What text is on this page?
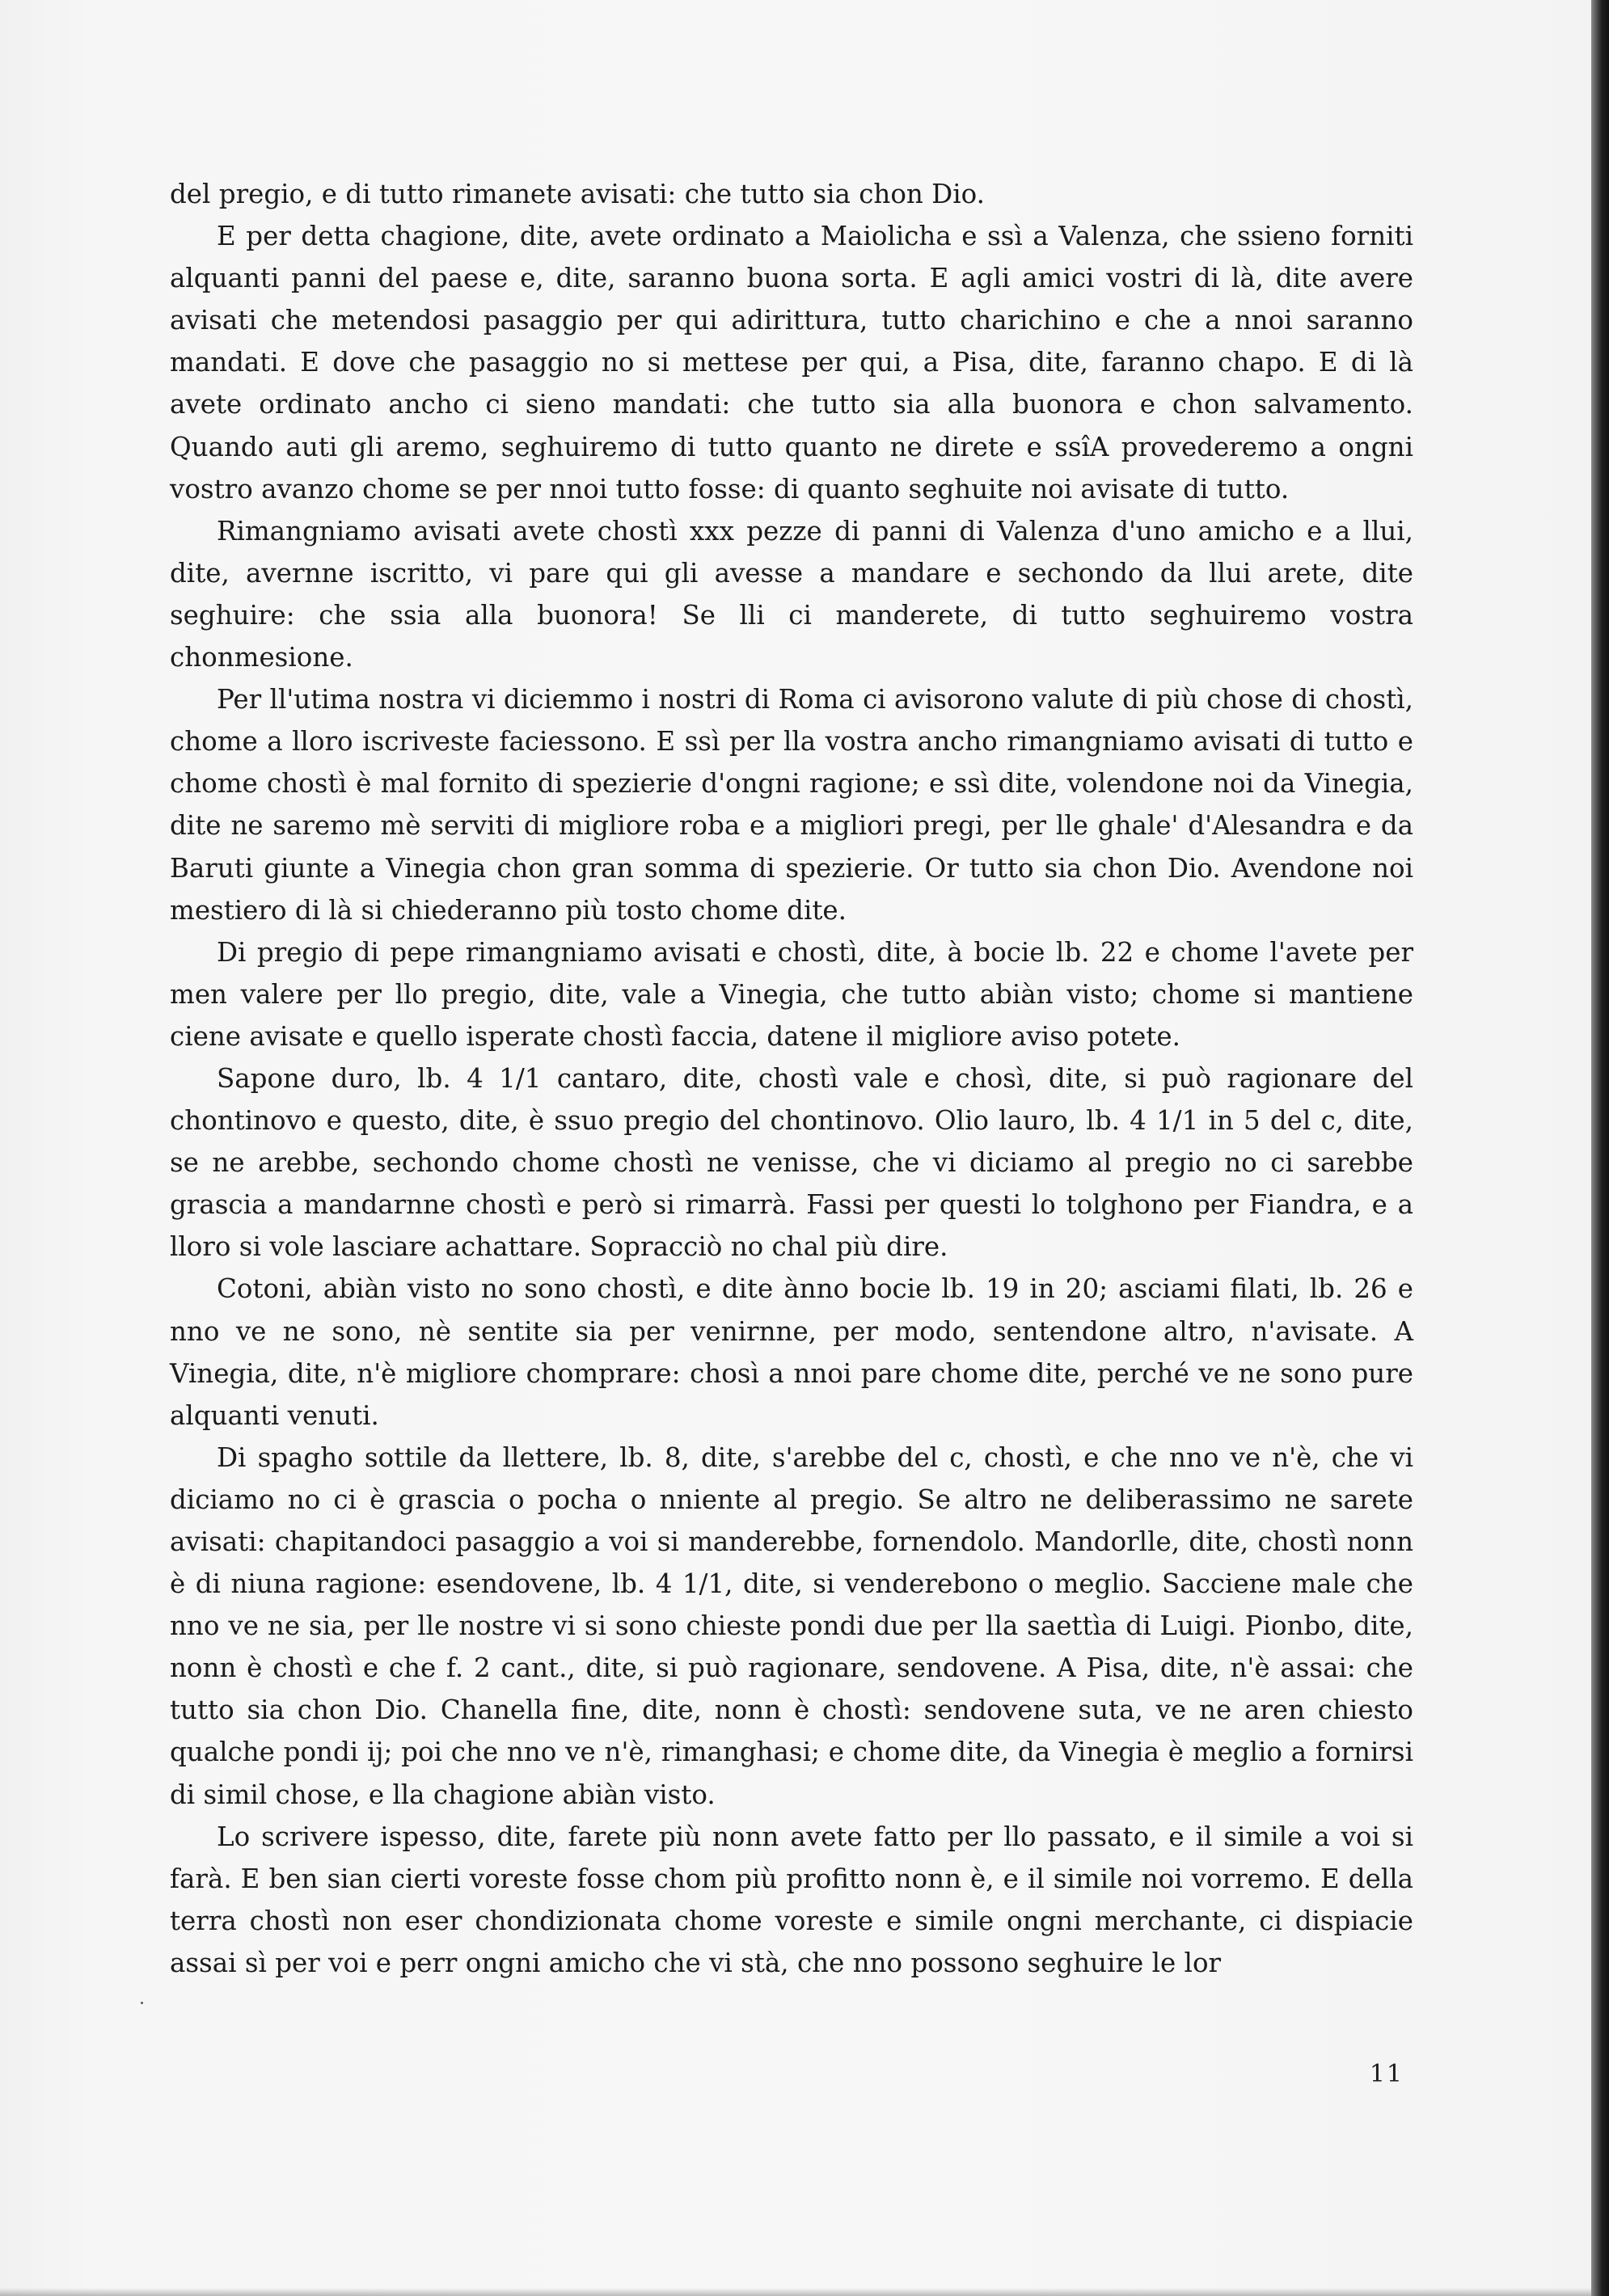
del pregio, e di tutto rimanete avisati: che tutto sia chon Dio.

E per detta chagione, dite, avete ordinato a Maiolicha e ssì a Valenza, che ssieno forniti alquanti panni del paese e, dite, saranno buona sorta. E agli amici vostri di là, dite avere avisati che metendosi pasaggio per qui adirittura, tutto charichino e che a nnoi saranno mandati. E dove che pasaggio no si mettese per qui, a Pisa, dite, faranno chapo. E di là avete ordinato ancho ci sieno mandati: che tutto sia alla buonora e chon salvamento. Quando auti gli aremo, seghuiremo di tutto quanto ne direte e ssîA provederemo a ongni vostro avanzo chome se per nnoi tutto fosse: di quanto seghuite noi avisate di tutto.

Rimangniamo avisati avete chostì xxx pezze di panni di Valenza d'uno amicho e a llui, dite, avernne iscritto, vi pare qui gli avesse a mandare e sechondo da llui arete, dite seghuire: che ssia alla buonora! Se lli ci manderete, di tutto seghuiremo vostra chonmesione.

Per ll'utima nostra vi diciemmo i nostri di Roma ci avisorono valute di più chose di chostì, chome a lloro iscriveste faciessono. E ssì per lla vostra ancho rimangniamo avisati di tutto e chome chostì è mal fornito di spezierie d'ongni ragione; e ssì dite, volendone noi da Vinegia, dite ne saremo mè serviti di migliore roba e a migliori pregi, per lle ghale' d'Alesandra e da Baruti giunte a Vinegia chon gran somma di spezierie. Or tutto sia chon Dio. Avendone noi mestiero di là si chiederanno più tosto chome dite.

Di pregio di pepe rimangniamo avisati e chostì, dite, à bocie lb. 22 e chome l'avete per men valere per llo pregio, dite, vale a Vinegia, che tutto abiàn visto; chome si mantiene ciene avisate e quello isperate chostì faccia, datene il migliore aviso potete.

Sapone duro, lb. 4 1/1 cantaro, dite, chostì vale e chosì, dite, si può ragionare del chontinovo e questo, dite, è ssuo pregio del chontinovo. Olio lauro, lb. 4 1/1 in 5 del c, dite, se ne arebbe, sechondo chome chostì ne venisse, che vi diciamo al pregio no ci sarebbe grascia a mandarnne chostì e però si rimarrà. Fassi per questi lo tolghono per Fiandra, e a lloro si vole lasciare achattare. Sopracciò no chal più dire.

Cotoni, abiàn visto no sono chostì, e dite ànno bocie lb. 19 in 20; asciami filati, lb. 26 e nno ve ne sono, nè sentite sia per venirnne, per modo, sentendone altro, n'avisate. A Vinegia, dite, n'è migliore chomprare: chosì a nnoi pare chome dite, perché ve ne sono pure alquanti venuti.

Di spagho sottile da llettere, lb. 8, dite, s'arebbe del c, chostì, e che nno ve n'è, che vi diciamo no ci è grascia o pocha o nniente al pregio. Se altro ne deliberassimo ne sarete avisati: chapitandoci pasaggio a voi si manderebbe, fornendolo. Mandorlle, dite, chostì nonn è di niuna ragione: esendovene, lb. 4 1/1, dite, si venderebono o meglio. Sacciene male che nno ve ne sia, per lle nostre vi si sono chieste pondi due per lla saettìa di Luigi. Pionbo, dite, nonn è chostì e che f. 2 cant., dite, si può ragionare, sendovene. A Pisa, dite, n'è assai: che tutto sia chon Dio. Chanella fine, dite, nonn è chostì: sendovene suta, ve ne aren chiesto qualche pondi ij; poi che nno ve n'è, rimanghasi; e chome dite, da Vinegia è meglio a fornirsi di simil chose, e lla chagione abiàn visto.

Lo scrivere ispesso, dite, farete più nonn avete fatto per llo passato, e il simile a voi si farà. E ben sian cierti voreste fosse chom più profitto nonn è, e il simile noi vorremo. E della terra chostì non eser chondizionata chome voreste e simile ongni merchante, ci dispiacie assai sì per voi e perr ongni amicho che vi stà, che nno possono seghuire le lor

11
